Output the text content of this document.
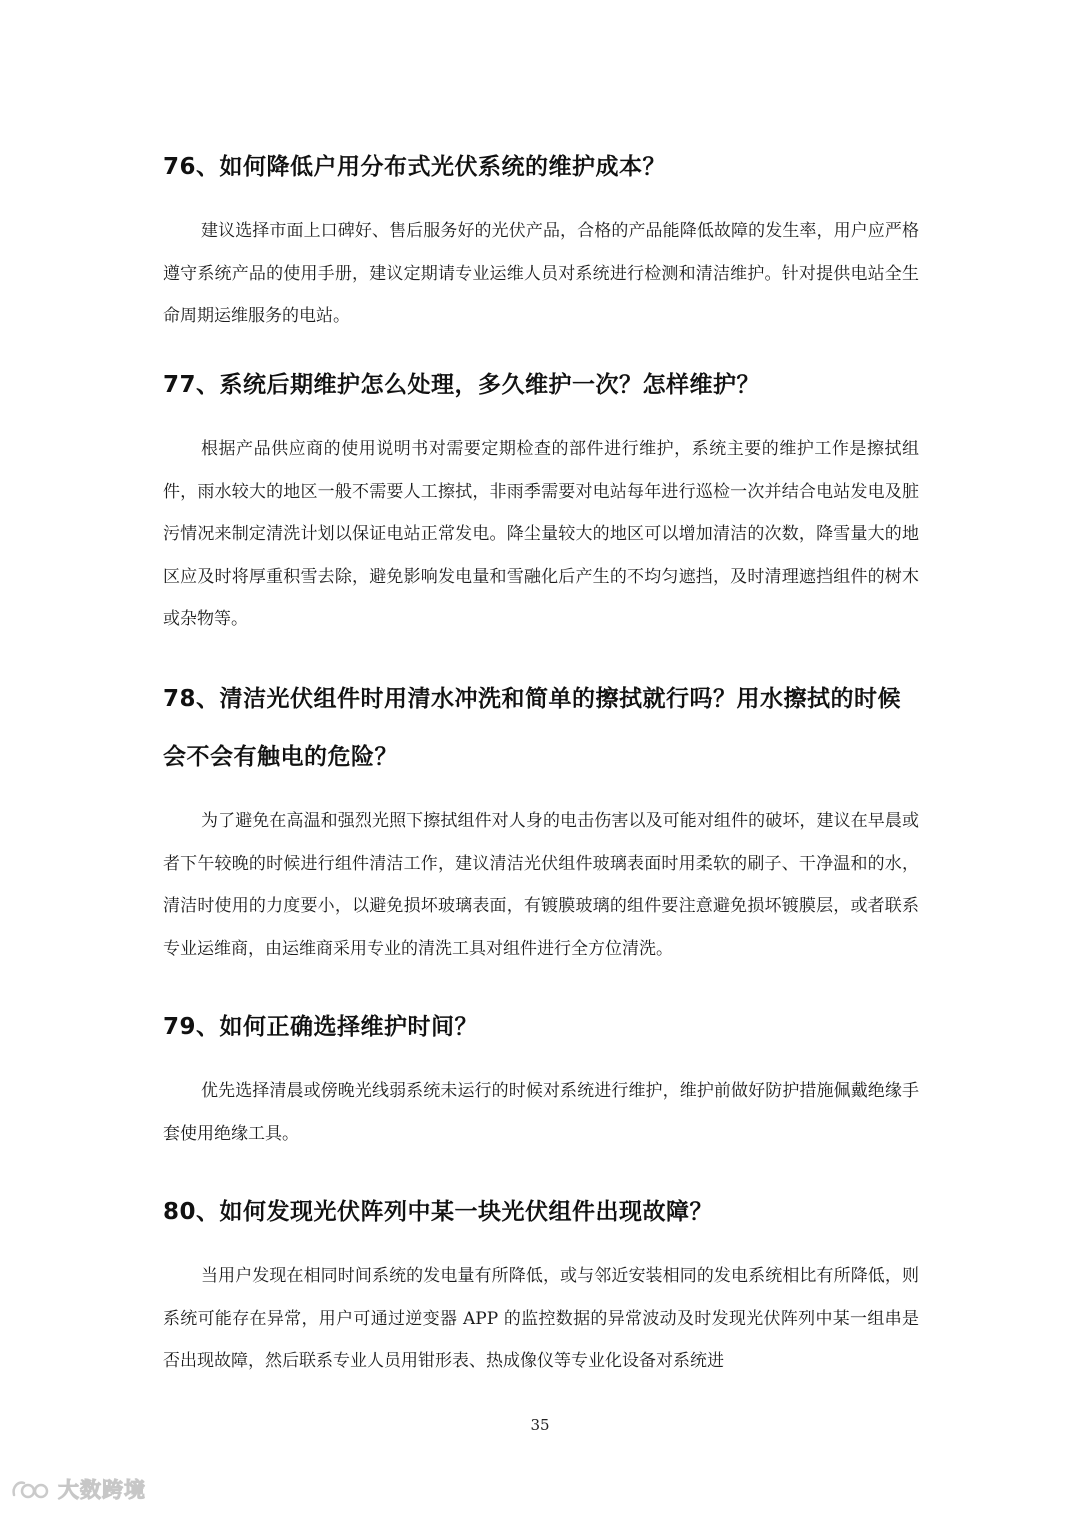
76、如何降低户用分布式光伏系统的维护成本？

建议选择市面上口碑好、售后服务好的光伏产品，合格的产品能降低故障的发生率，用户应严格遵守系统产品的使用手册，建议定期请专业运维人员对系统进行检测和清洁维护。针对提供电站全生命周期运维服务的电站。

77、系统后期维护怎么处理，多久维护一次？怎样维护？

根据产品供应商的使用说明书对需要定期检查的部件进行维护，系统主要的维护工作是擦拭组件，雨水较大的地区一般不需要人工擦拭，非雨季需要对电站每年进行巡检一次并结合电站发电及脏污情况来制定清洗计划以保证电站正常发电。降尘量较大的地区可以增加清洁的次数，降雪量大的地区应及时将厚重积雪去除，避免影响发电量和雪融化后产生的不均匀遮挡，及时清理遮挡组件的树木或杂物等。

78、清洁光伏组件时用清水冲洗和简单的擦拭就行吗？用水擦拭的时候会不会有触电的危险？

为了避免在高温和强烈光照下擦拭组件对人身的电击伤害以及可能对组件的破坏，建议在早晨或者下午较晚的时候进行组件清洁工作，建议清洁光伏组件玻璃表面时用柔软的刷子、干净温和的水，清洁时使用的力度要小，以避免损坏玻璃表面，有镀膜玻璃的组件要注意避免损坏镀膜层，或者联系专业运维商，由运维商采用专业的清洗工具对组件进行全方位清洗。

79、如何正确选择维护时间？

优先选择清晨或傍晚光线弱系统未运行的时候对系统进行维护，维护前做好防护措施佩戴绝缘手套使用绝缘工具。

80、如何发现光伏阵列中某一块光伏组件出现故障？

当用户发现在相同时间系统的发电量有所降低，或与邻近安装相同的发电系统相比有所降低，则系统可能存在异常，用户可通过逆变器 APP 的监控数据的异常波动及时发现光伏阵列中某一组串是否出现故障，然后联系专业人员用钳形表、热成像仪等专业化设备对系统进

35
大数跨境
